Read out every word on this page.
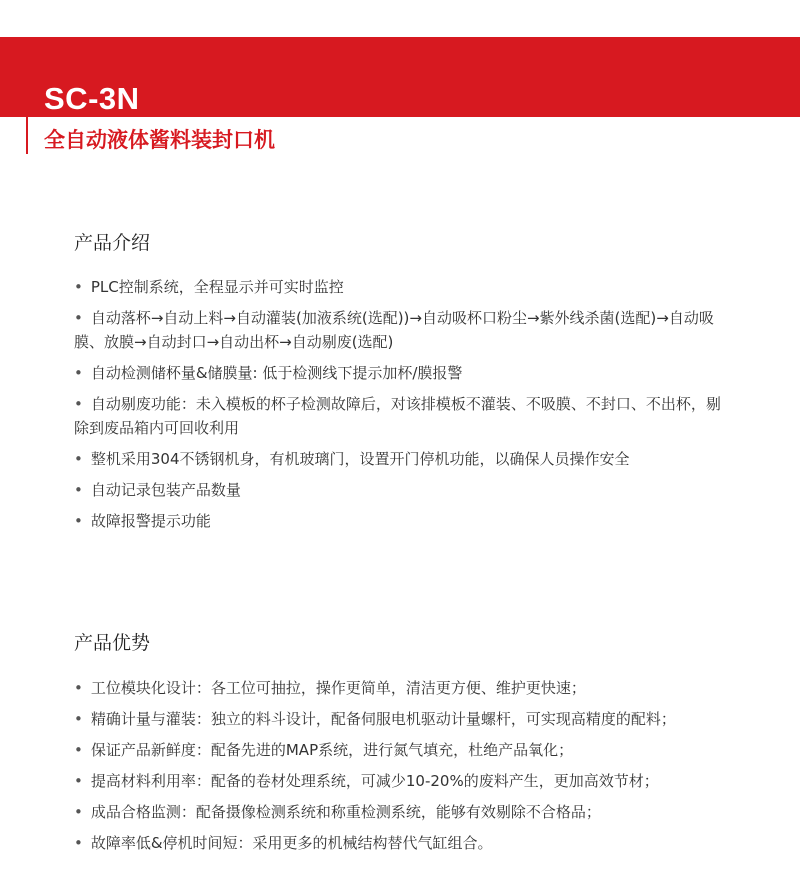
SC-3N
全自动液体酱料装封口机
产品介绍
• PLC控制系统，全程显示并可实时监控
• 自动落杯→自动上料→自动灌装(加液系统(选配))→自动吸杯口粉尘→紫外线杀菌(选配)→自动吸膜、放膜→自动封口→自动出杯→自动剔废(选配)
• 自动检测储杯量&储膜量: 低于检测线下提示加杯/膜报警
• 自动剔废功能：未入模板的杯子检测故障后，对该排模板不灌装、不吸膜、不封口、不出杯，剔除到废品箱内可回收利用
• 整机采用304不锈钢机身，有机玻璃门，设置开门停机功能，以确保人员操作安全
• 自动记录包装产品数量
• 故障报警提示功能
产品优势
• 工位模块化设计：各工位可抽拉，操作更简单，清洁更方便、维护更快速；
• 精确计量与灌装：独立的料斗设计，配备伺服电机驱动计量螺杆，可实现高精度的配料；
• 保证产品新鲜度：配备先进的MAP系统，进行氮气填充，杜绝产品氧化；
• 提高材料利用率：配备的卷材处理系统，可减少10-20%的废料产生，更加高效节材；
• 成品合格监测：配备摄像检测系统和称重检测系统，能够有效剔除不合格品；
• 故障率低&停机时间短：采用更多的机械结构替代气缸组合。
